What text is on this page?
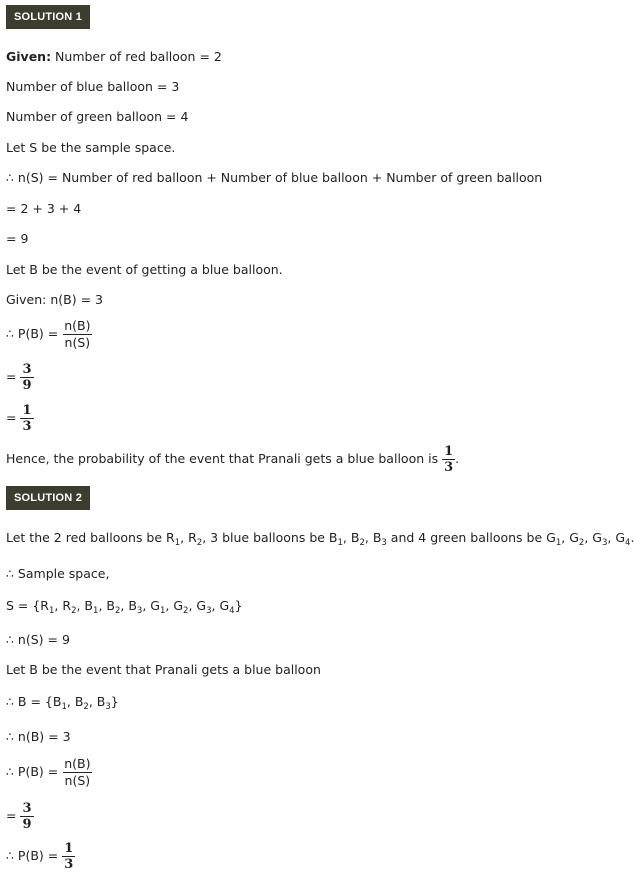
SOLUTION 1
Given: Number of red balloon = 2
Number of blue balloon = 3
Number of green balloon = 4
Let S be the sample space.
∴ n(S) = Number of red balloon + Number of blue balloon + Number of green balloon
= 2 + 3 + 4
= 9
Let B be the event of getting a blue balloon.
Given: n(B) = 3
∴ $P(B) = \frac{n(B)}{n(S)}$
= $\frac{3}{9}$
= $\frac{1}{3}$
Hence, the probability of the event that Pranali gets a blue balloon is $\frac{1}{3}$ .
SOLUTION 2
Let the 2 red balloons be $R_1$, $R_2$, 3 blue balloons be $B_1$, $B_2$, $B_3$ and 4 green balloons be $G_1$, $G_2$, $G_3$, $G_4$
∴ Sample space,
$S = \{R_1$, $R_2$, $B_1$, $B_2$, $B_3$, $G_1$, $G_2$, $G_3$, $G_4$}
∴ n(S) = 9
Let B be the event that Pranali gets a blue balloon
∴ $B = \{B_1$, $B_2$, $B_3$}
∴ n(B) = 3
∴ $P(B) = \frac{n(B)}{n(S)}$
= $\frac{3}{9}$
∴ $P(B) = \frac{1}{3}$
